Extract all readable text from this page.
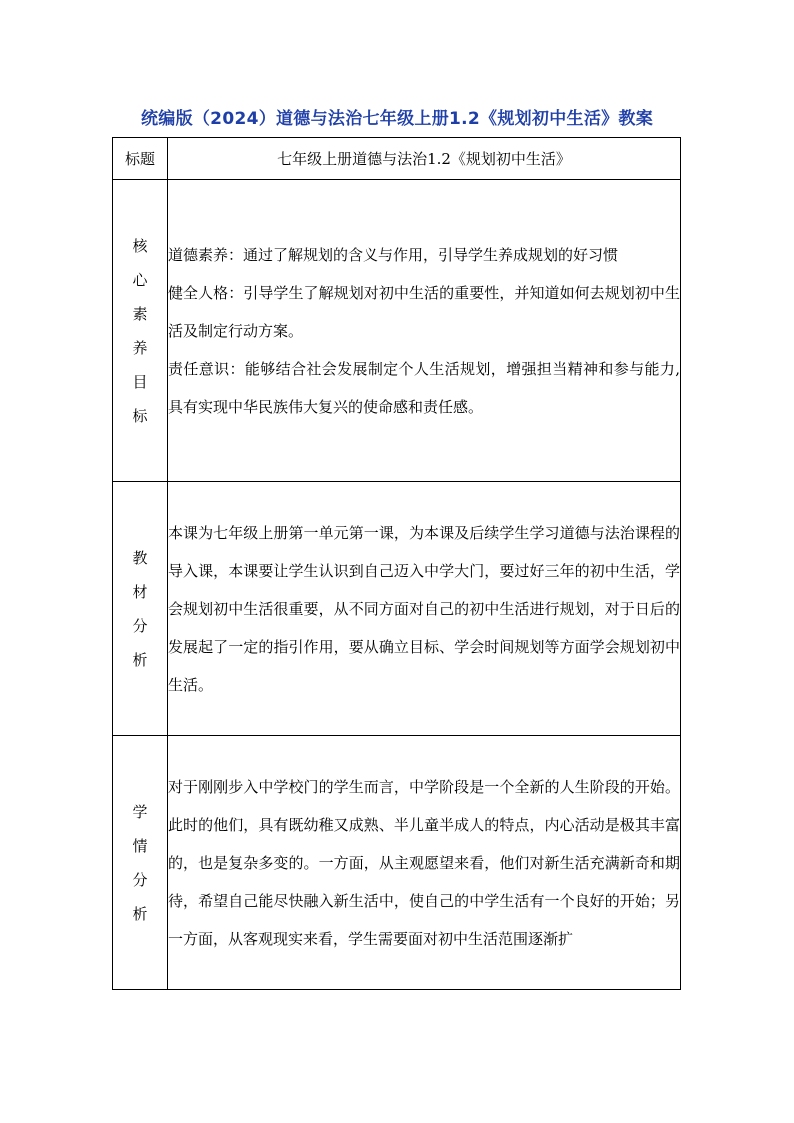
统编版（2024）道德与法治七年级上册1.2《规划初中生活》教案
标题	七年级上册道德与法治1.2《规划初中生活》
核心素养目标	道德素养：通过了解规划的含义与作用，引导学生养成规划的好习惯
健全人格：引导学生了解规划对初中生活的重要性，并知道如何去规划初中生活及制定行动方案。
责任意识：能够结合社会发展制定个人生活规划，增强担当精神和参与能力,具有实现中华民族伟大复兴的使命感和责任感。

教材分析	本课为七年级上册第一单元第一课，为本课及后续学生学习道德与法治课程的导入课，本课要让学生认识到自己迈入中学大门，要过好三年的初中生活，学会规划初中生活很重要，从不同方面对自己的初中生活进行规划，对于日后的发展起了一定的指引作用，要从确立目标、学会时间规划等方面学会规划初中生活。
学情分析	对于刚刚步入中学校门的学生而言，中学阶段是一个全新的人生阶段的开始。此时的他们，具有既幼稚又成熟、半儿童半成人的特点，内心活动是极其丰富的，也是复杂多变的。一方面，从主观愿望来看，他们对新生活充满新奇和期待，希望自己能尽快融入新生活中，使自己的中学生活有一个良好的开始；另一方面，从客观现实来看，学生需要面对初中生活范围逐渐扩
